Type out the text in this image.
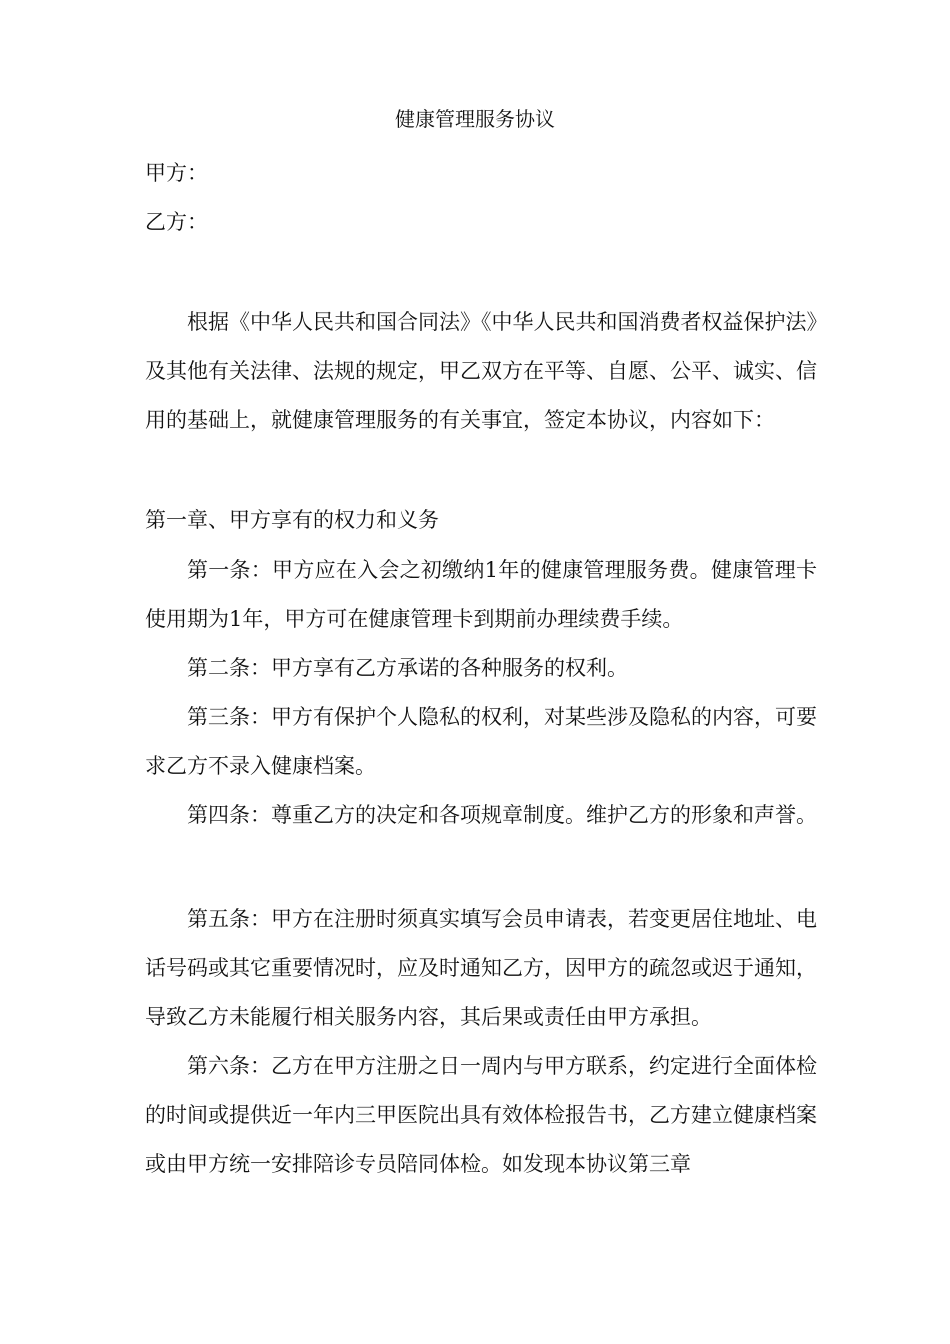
健康管理服务协议

甲方：

乙方：

根据《中华人民共和国合同法》《中华人民共和国消费者权益保护法》及其他有关法律、法规的规定，甲乙双方在平等、自愿、公平、诚实、信用的基础上，就健康管理服务的有关事宜，签定本协议，内容如下：

第一章、甲方享有的权力和义务

第一条：甲方应在入会之初缴纳1年的健康管理服务费。健康管理卡使用期为1年，甲方可在健康管理卡到期前办理续费手续。

第二条：甲方享有乙方承诺的各种服务的权利。

第三条：甲方有保护个人隐私的权利，对某些涉及隐私的内容，可要求乙方不录入健康档案。

第四条：尊重乙方的决定和各项规章制度。维护乙方的形象和声誉。

第五条：甲方在注册时须真实填写会员申请表，若变更居住地址、电话号码或其它重要情况时，应及时通知乙方，因甲方的疏忽或迟于通知，导致乙方未能履行相关服务内容，其后果或责任由甲方承担。

第六条：乙方在甲方注册之日一周内与甲方联系，约定进行全面体检的时间或提供近一年内三甲医院出具有效体检报告书，乙方建立健康档案或由甲方统一安排陪诊专员陪同体检。如发现本协议第三章
